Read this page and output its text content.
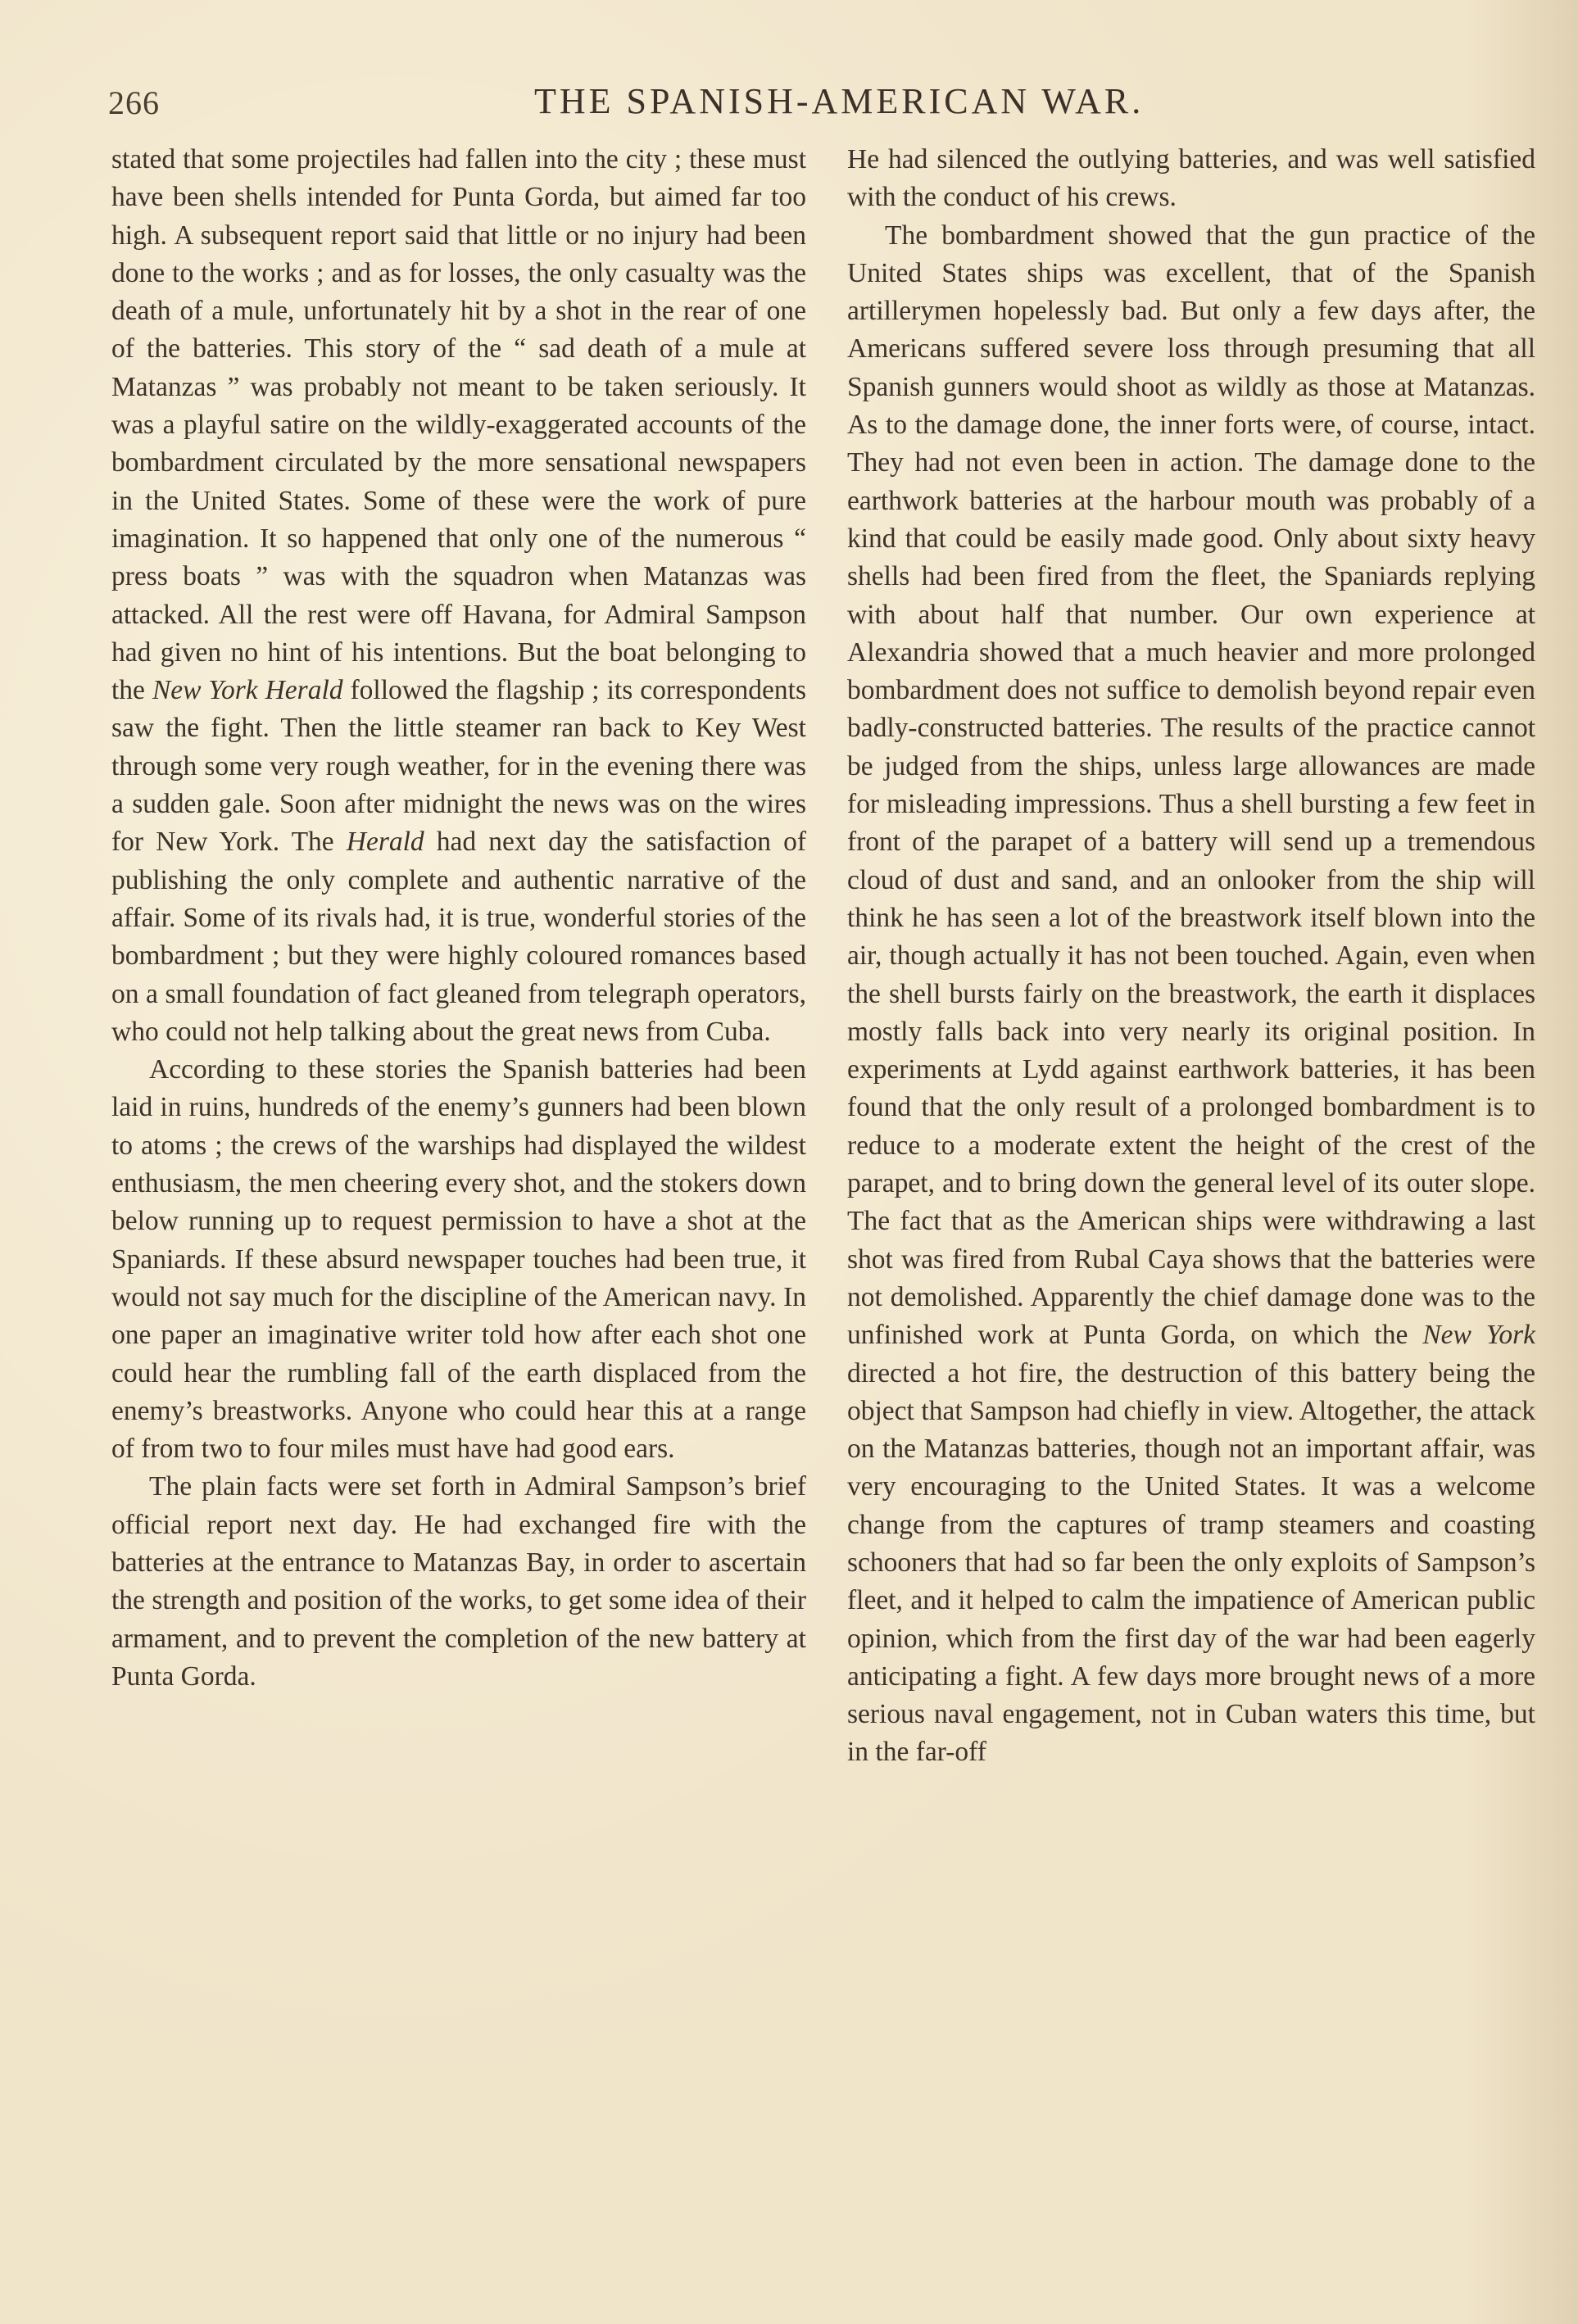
266	THE SPANISH-AMERICAN WAR.

stated that some projectiles had fallen into the city ; these must have been shells intended for Punta Gorda, but aimed far too high. A subsequent report said that little or no injury had been done to the works ; and as for losses, the only casualty was the death of a mule, unfortunately hit by a shot in the rear of one of the batteries. This story of the “ sad death of a mule at Matanzas ” was probably not meant to be taken seriously. It was a playful satire on the wildly-exaggerated accounts of the bombardment circulated by the more sensational newspapers in the United States. Some of these were the work of pure imagination. It so happened that only one of the numerous “ press boats ” was with the squadron when Matanzas was attacked. All the rest were off Havana, for Admiral Sampson had given no hint of his intentions. But the boat belonging to the New York Herald followed the flagship ; its correspondents saw the fight. Then the little steamer ran back to Key West through some very rough weather, for in the evening there was a sudden gale. Soon after midnight the news was on the wires for New York. The Herald had next day the satisfaction of publishing the only complete and authentic narrative of the affair. Some of its rivals had, it is true, wonderful stories of the bombardment ; but they were highly coloured romances based on a small foundation of fact gleaned from telegraph operators, who could not help talking about the great news from Cuba.

According to these stories the Spanish batteries had been laid in ruins, hundreds of the enemy’s gunners had been blown to atoms ; the crews of the warships had displayed the wildest enthusiasm, the men cheering every shot, and the stokers down below running up to request permission to have a shot at the Spaniards. If these absurd newspaper touches had been true, it would not say much for the discipline of the American navy. In one paper an imaginative writer told how after each shot one could hear the rumbling fall of the earth displaced from the enemy’s breastworks. Anyone who could hear this at a range of from two to four miles must have had good ears.

The plain facts were set forth in Admiral Sampson’s brief official report next day. He had exchanged fire with the batteries at the entrance to Matanzas Bay, in order to ascertain the strength and position of the works, to get some idea of their armament, and to prevent the completion of the new battery at Punta Gorda.

He had silenced the outlying batteries, and was well satisfied with the conduct of his crews.

The bombardment showed that the gun practice of the United States ships was excellent, that of the Spanish artillerymen hopelessly bad. But only a few days after, the Americans suffered severe loss through presuming that all Spanish gunners would shoot as wildly as those at Matanzas. As to the damage done, the inner forts were, of course, intact. They had not even been in action. The damage done to the earthwork batteries at the harbour mouth was probably of a kind that could be easily made good. Only about sixty heavy shells had been fired from the fleet, the Spaniards replying with about half that number. Our own experience at Alexandria showed that a much heavier and more prolonged bombardment does not suffice to demolish beyond repair even badly-constructed batteries. The results of the practice cannot be judged from the ships, unless large allowances are made for misleading impressions. Thus a shell bursting a few feet in front of the parapet of a battery will send up a tremendous cloud of dust and sand, and an onlooker from the ship will think he has seen a lot of the breastwork itself blown into the air, though actually it has not been touched. Again, even when the shell bursts fairly on the breastwork, the earth it displaces mostly falls back into very nearly its original position. In experiments at Lydd against earthwork batteries, it has been found that the only result of a prolonged bombardment is to reduce to a moderate extent the height of the crest of the parapet, and to bring down the general level of its outer slope. The fact that as the American ships were withdrawing a last shot was fired from Rubal Caya shows that the batteries were not demolished. Apparently the chief damage done was to the unfinished work at Punta Gorda, on which the New York directed a hot fire, the destruction of this battery being the object that Sampson had chiefly in view. Altogether, the attack on the Matanzas batteries, though not an important affair, was very encouraging to the United States. It was a welcome change from the captures of tramp steamers and coasting schooners that had so far been the only exploits of Sampson’s fleet, and it helped to calm the impatience of American public opinion, which from the first day of the war had been eagerly anticipating a fight. A few days more brought news of a more serious naval engagement, not in Cuban waters this time, but in the far-off
